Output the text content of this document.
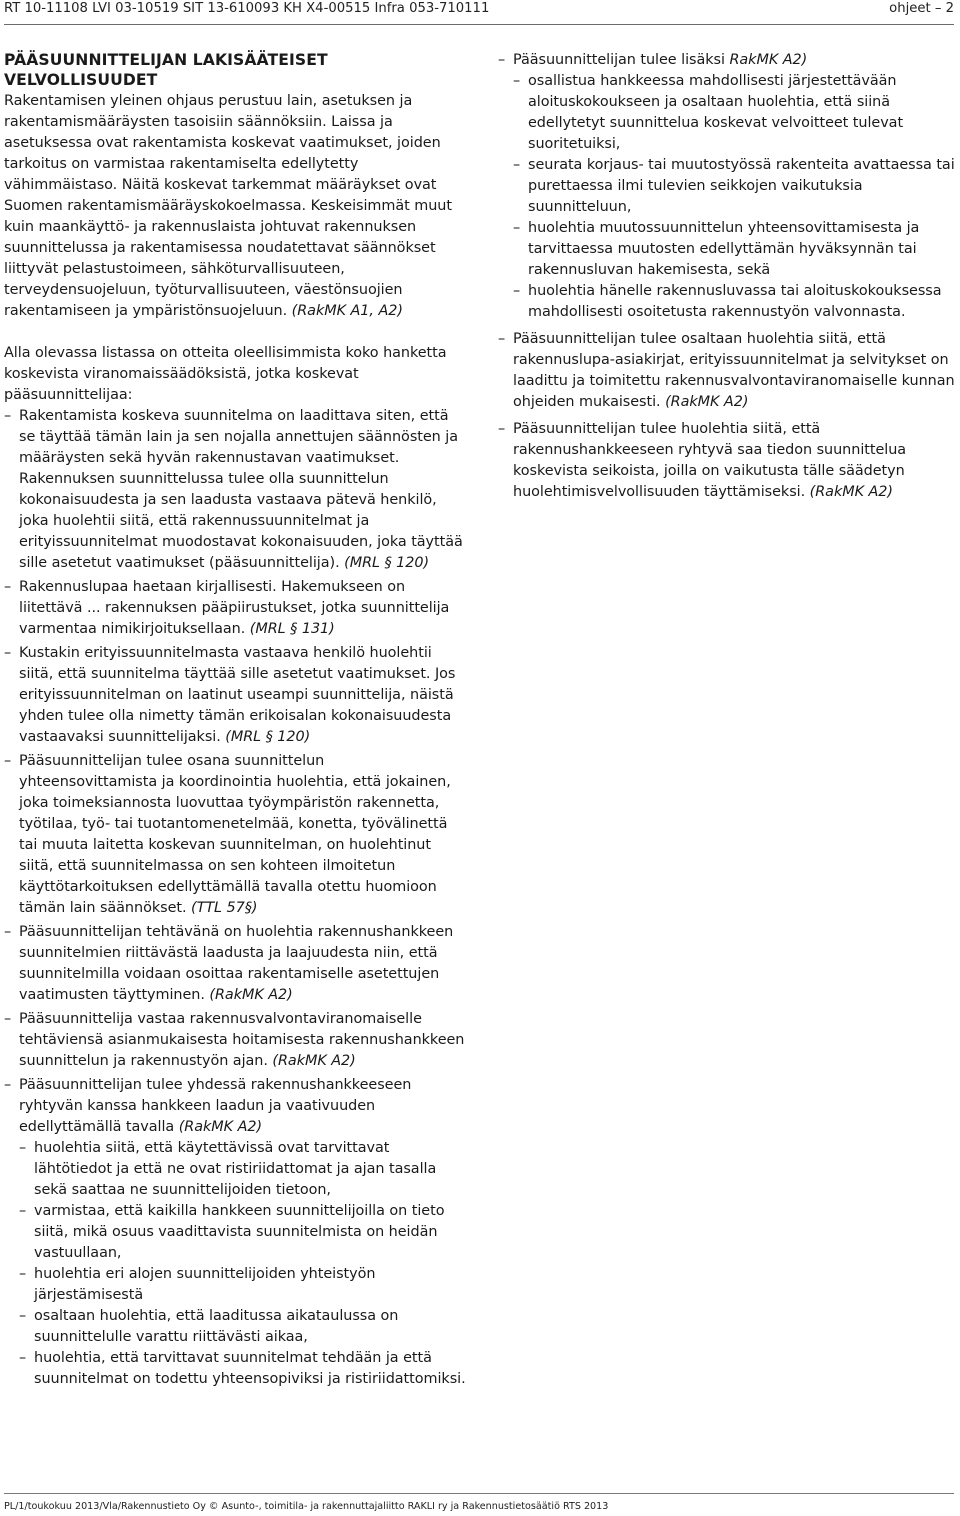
RT 10-11108 LVI 03-10519 SIT 13-610093 KH X4-00515 Infra 053-710111	ohjeet – 2
PÄÄSUUNNITTELIJAN LAKISÄÄTEISET VELVOLLISUUDET

Rakentamisen yleinen ohjaus perustuu lain, asetuksen ja rakentamismääräysten tasoisiin säännöksiin. Laissa ja asetuksessa ovat rakentamista koskevat vaatimukset, joiden tarkoitus on varmistaa rakentamiselta edellytetty vähimmäistaso. Näitä koskevat tarkemmat määräykset ovat Suomen rakentamismääräyskokoelmassa. Keskeisimmät muut kuin maankäyttö- ja rakennuslaista johtuvat rakennuksen suunnittelussa ja rakentamisessa noudatettavat säännökset liittyvät pelastustoimeen, sähköturvallisuuteen, terveydensuojeluun, työturvallisuuteen, väestönsuojien rakentamiseen ja ympäristönsuojeluun. (RakMK A1, A2)

Alla olevassa listassa on otteita oleellisimmista koko hanketta koskevista viranomaissäädöksistä, jotka koskevat pääsuunnittelijaa:

– Rakentamista koskeva suunnitelma on laadittava siten, että se täyttää tämän lain ja sen nojalla annettujen säännösten ja määräysten sekä hyvän rakennustavan vaatimukset. Rakennuksen suunnittelussa tulee olla suunnittelun kokonaisuudesta ja sen laadusta vastaava pätevä henkilö, joka huolehtii siitä, että rakennussuunnitelmat ja erityissuunnitelmat muodostavat kokonaisuuden, joka täyttää sille asetetut vaatimukset (pääsuunnittelija). (MRL § 120)
– Rakennuslupaa haetaan kirjallisesti. Hakemukseen on liitettävä ... rakennuksen pääpiirustukset, jotka suunnittelija varmentaa nimikirjoituksellaan. (MRL § 131)
– Kustakin erityissuunnitelmasta vastaava henkilö huolehtii siitä, että suunnitelma täyttää sille asetetut vaatimukset. Jos erityissuunnitelman on laatinut useampi suunnittelija, näistä yhden tulee olla nimetty tämän erikoisalan kokonaisuudesta vastaavaksi suunnittelijaksi. (MRL § 120)
– Pääsuunnittelijan tulee osana suunnittelun yhteensovittamista ja koordinointia huolehtia, että jokainen, joka toimeksiannosta luovuttaa työympäristön rakennetta, työtilaa, työ- tai tuotantomenetelmää, konetta, työvälinettä tai muuta laitetta koskevan suunnitelman, on huolehtinut siitä, että suunnitelmassa on sen kohteen ilmoitetun käyttötarkoituksen edellyttämällä tavalla otettu huomioon tämän lain säännökset. (TTL 57§)
– Pääsuunnittelijan tehtävänä on huolehtia rakennushankkeen suunnitelmien riittävästä laadusta ja laajuudesta niin, että suunnitelmilla voidaan osoittaa rakentamiselle asetettujen vaatimusten täyttyminen. (RakMK A2)
– Pääsuunnittelija vastaa rakennusvalvontaviranomaiselle tehtäviensä asianmukaisesta hoitamisesta rakennushankkeen suunnittelun ja rakennustyön ajan. (RakMK A2)
– Pääsuunnittelijan tulee yhdessä rakennushankkeeseen ryhtyvän kanssa hankkeen laadun ja vaativuuden edellyttämällä tavalla (RakMK A2)
– huolehtia siitä, että käytettävissä ovat tarvittavat lähtötiedot ja että ne ovat ristiriidattomat ja ajan tasalla sekä saattaa ne suunnittelijoiden tietoon,
– varmistaa, että kaikilla hankkeen suunnittelijoilla on tieto siitä, mikä osuus vaadittavista suunnitelmista on heidän vastuullaan,
– huolehtia eri alojen suunnittelijoiden yhteistyön järjestämisestä
– osaltaan huolehtia, että laaditussa aikataulussa on suunnittelulle varattu riittävästi aikaa,
– huolehtia, että tarvittavat suunnitelmat tehdään ja että suunnitelmat on todettu yhteensopiviksi ja ristiriidattomiksi.
– Pääsuunnittelijan tulee lisäksi RakMK A2)
– osallistua hankkeessa mahdollisesti järjestettävään aloituskokoukseen ja osaltaan huolehtia, että siinä edellytetyt suunnittelua koskevat velvoitteet tulevat suoritetuiksi,
– seurata korjaus- tai muutostyössä rakenteita avattaessa tai purettaessa ilmi tulevien seikkojen vaikutuksia suunnitteluun,
– huolehtia muutossuunnittelun yhteensovittamisesta ja tarvittaessa muutosten edellyttämän hyväksynnän tai rakennusluvan hakemisesta, sekä
– huolehtia hänelle rakennusluvassa tai aloituskokouksessa mahdollisesti osoitetusta rakennustyön valvonnasta.
– Pääsuunnittelijan tulee osaltaan huolehtia siitä, että rakennuslupa-asiakirjat, erityissuunnitelmat ja selvitykset on laadittu ja toimitettu rakennusvalvontaviranomaiselle kunnan ohjeiden mukaisesti. (RakMK A2)
– Pääsuunnittelijan tulee huolehtia siitä, että rakennushankkeeseen ryhtyvä saa tiedon suunnittelua koskevista seikoista, joilla on vaikutusta tälle säädetyn huolehtimisvelvollisuuden täyttämiseksi. (RakMK A2)
PL/1/toukokuu 2013/Vla/Rakennustieto Oy © Asunto-, toimitila- ja rakennuttajaliitto RAKLI ry ja Rakennustietosäätiö RTS 2013
